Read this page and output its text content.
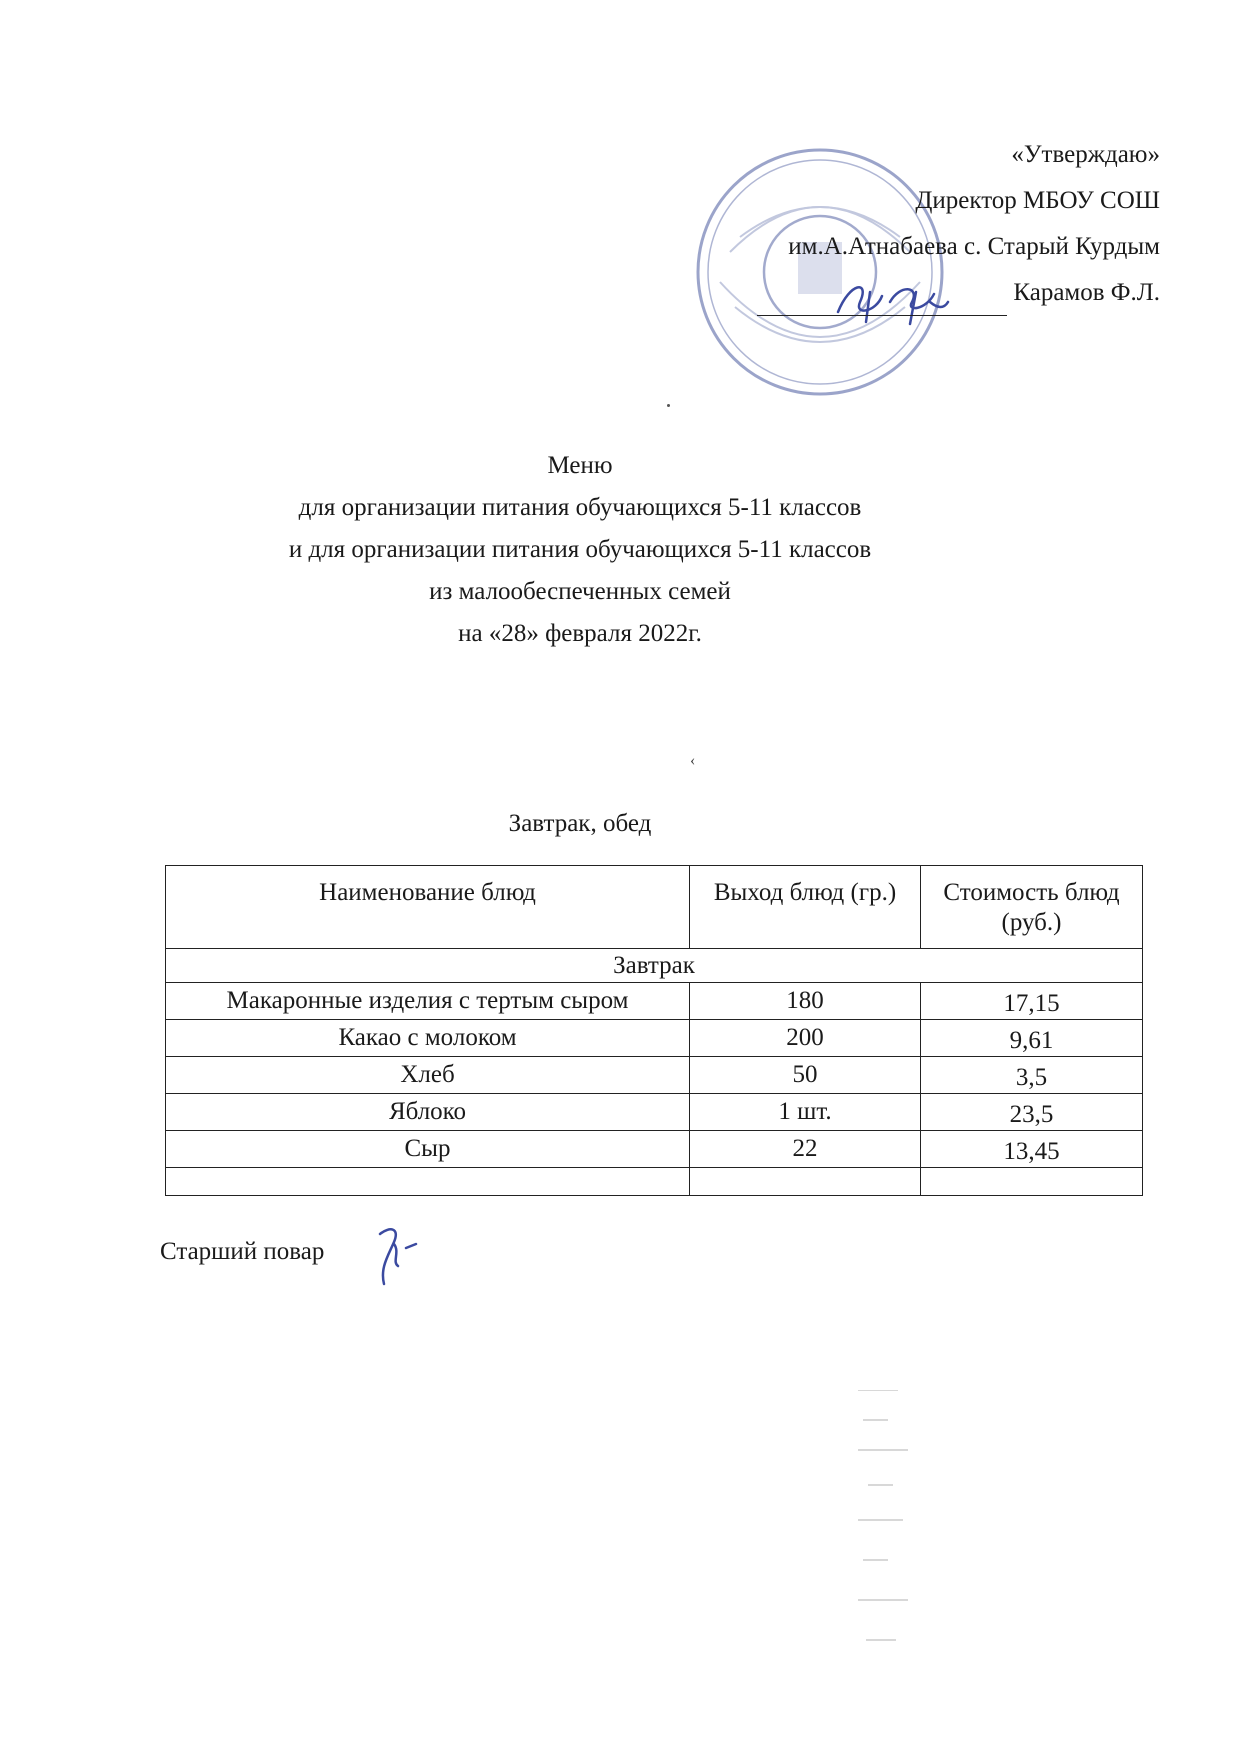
«Утверждаю»
Директор МБОУ СОШ
им.А.Атнабаева с. Старый Курдым
Карамов Ф.Л.
Меню
для организации питания обучающихся 5-11 классов
и для организации питания обучающихся 5-11 классов
из малообеспеченных семей
на «28» февраля 2022г.
‹
Завтрак, обед
Наименование блюд	Выход блюд (гр.)	Стоимость блюд (руб.)
Завтрак		
Макаронные изделия с тертым сыром	180	17,15
Какао с молоком	200	9,61
Хлеб	50	3,5
Яблоко	1 шт.	23,5
Сыр	22	13,45

Старший повар
